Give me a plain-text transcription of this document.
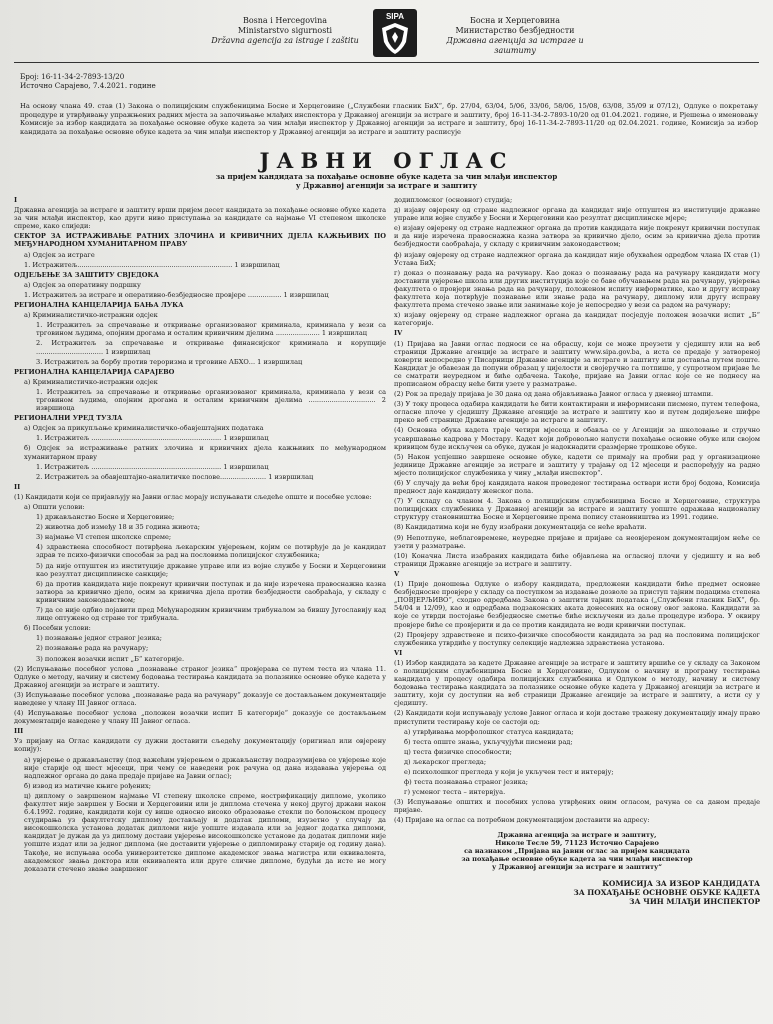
Bosna i Hercegovina
Ministarstvo sigurnosti
Državna agencija za istrage i zaštitu
SIPA	Босна и Херцеговина
Министарство безбједности
Државна агенција за истраге и заштиту
Број: 16-11-34-2-7893-13/20
Источно Сарајево, 7.4.2021. године
На основу члана 49. став (1) Закона о полицијским службеницима Босне и Херцеговине („Службени гласник БиХ“, бр. 27/04, 63/04, 5/06, 33/06, 58/06, 15/08, 63/08, 35/09 и 07/12), Одлуке о покретању процедуре и утврђивању упражњених радних мјеста за започињање млађих инспектора у Државној агенцији за истраге и заштиту, број 16-11-34-2-7893-10/20 од 01.04.2021. године, и Рјешења о именовању Комисије за избор кандидата за похађање основне обуке кадета за чин млађи инспектор у Државној агенцији за истраге и заштиту, број 16-11-34-2-7893-11/20 од 02.04.2021. године, Комисија за избор кандидата за похађање основне обуке кадета за чин млађи инспектор у Државној агенцији за истраге и заштиту расписује
ЈАВНИ ОГЛАС
за пријем кандидата за похађање основне обуке кадета за чин млађи инспектор
у Државној агенцији за истраге и заштиту

I

Државна агенција за истраге и заштиту врши пријем десет кандидата за похађање основне обуке кадета за чин млађи инспектор, као други ниво приступања за кандидате са најмање VI степеном школске спреме, како слиједи:

СЕКТОР ЗА ИСТРАЖИВАЊЕ РАТНИХ ЗЛОЧИНА И КРИВИЧНИХ ДЈЕЛА КАЖЊИВИХ ПО МЕЂУНАРОДНОМ ХУМАНИТАРНОМ ПРАВУ

а) Одсјек за истраге

1. Истражитељ.......................................................................... 1 извршилац

ОДЈЕЉЕЊЕ ЗА ЗАШТИТУ СВЈЕДОКА

а) Одсјек за оперативну подршку

1. Истражитељ за истраге и оперативно-безбједносне провјере ................ 1 извршилац

РЕГИОНАЛНА КАНЦЕЛАРИЈА БАЊА ЛУКА

а) Криминалистичко-истражни одсјек

1. Истражитељ за спречавање и откривање организованог криминала, криминала у вези са трговином људима, опојним дрогама и осталим кривичним дјелима ..................... 1 извршилац

2. Истражитељ за спречавање и откривање финансијског криминала и корупције ................................ 1 извршилац

3. Истражитељ за борбу против тероризма и трговине АБХО... 1 извршилац

РЕГИОНАЛНА КАНЦЕЛАРИЈА САРАЈЕВО

а) Криминалистичко-истражни одсјек

1. Истражитељ за спречавање и откривање организованог криминала, криминала у вези са трговином људима, опојним дрогама и осталим кривичним дјелима ................................ 2 извршиоца

РЕГИОНАЛНИ УРЕД ТУЗЛА

а) Одсјек за прикупљање криминалистичко-обавјештајних података

1. Истражитељ .............................................................. 1 извршилац

б) Одсјек за истраживање ратних злочина и кривичних дјела кажњивих по међународном хуманитарном праву

1. Истражитељ .............................................................. 1 извршилац

2. Истражитељ за обавјештајно-аналитичке послове...................... 1 извршилац

II

(1) Кандидати који се пријављују на Јавни оглас морају испуњавати сљедеће опште и посебне услове:

а) Општи услови:

1) држављанство Босне и Херцеговине;

2) животна доб између 18 и 35 година живота;

3) најмање VI степен школске спреме;

4) здравствена способност потврђена љекарским увјерењем, којим се потврђује да је кандидат здрав те психо-физички способан за рад на пословима полицијског службеника;

5) да није отпуштен из институције државне управе или из војне службе у Босни и Херцеговини као резултат дисциплинске санкције;

6) да против кандидата није покренут кривични поступак и да није изречена правоснажна казна затвора за кривично дјело, осим за кривична дјела против безбједности саобраћаја, у складу с кривичним законодавством;

7) да се није одбио појавити пред Међународним кривичним трибуналом за бившу Југославију кад лице оптужено од стране тог трибунала.

б) Посебни услови:

1) познавање једног страног језика;

2) познавање рада на рачунару;

3) положен возачки испит „Б“ категорије.

(2) Испуњавање посебног услова „познавање страног језика“ провјерава се путем теста из члана 11. Одлуке о методу, начину и систему бодовања тестирања кандидата за полазнике основне обуке кадета у Државној агенцији за истраге и заштиту.

(3) Испуњавање посебног услова „познавање рада на рачунару“ доказује се достављањем документације наведене у члану III Јавног огласа.

(4) Испуњавање посебног услова „положен возачки испит Б категорије“ доказује се достављањем документације наведене у члану III Јавног огласа.

III

Уз пријаву на Оглас кандидати су дужни доставити сљедећу документацију (оригинал или овјерену копију):

а) увјерење о држављанству (под важећим увјерењем о држављанству подразумијева се увјерење које није старије од шест мјесеци, при чему се наведени рок рачуна од дана издавања увјерења од надлежног органа до дана предаје пријаве на Јавни оглас);

б) извод из матичне књиге рођених;

ц) диплому о завршеном најмање VI степену школске спреме, нострификацију дипломе, уколико факултет није завршен у Босни и Херцеговини или је диплома стечена у некој другој држави након 6.4.1992. године, кандидати који су више односно високо образовање стекли по болоњском процесу студирања уз факултетску диплому достављају и додатак дипломи, изузетно у случају да високошколска установа додатак дипломи није уопште издавала или за једног додатка дипломи, кандидат је дужан да уз диплому достави увјерење високошколске установе да додатак дипломи није уопште издат или за једног диплома (не доставити увјерење о дипломирању старије од годину дана). Такође, не испуњава особа универзитетске дипломе академског звања магистра или еквивалента, академског звања доктора или еквивалента или друге сличне дипломе, будући да исте не могу доказати стечено звање завршеног

додипломског (основног) студија;

д) изјаву овјерену од стране надлежног органа да кандидат није отпуштен из институције државне управе или војне службе у Босни и Херцеговини као резултат дисциплинске мјере;

е) изјаву овјерену од стране надлежног органа да против кандидата није покренут кривични поступак и да није изречена правоснажна казна затвора за кривично дјело, осим за кривична дјела против безбједности саобраћаја, у складу с кривичним законодавством;

ф) изјаву овјерену од стране надлежног органа да кандидат није обухваћен одредбом члана IX став (1) Устава БиХ;

г) доказ о познавању рада на рачунару. Као доказ о познавању рада на рачунару кандидати могу доставити увјерење школа или других институција које се баве обучавањем рада на рачунару, увјерења факултета о провјери знања рада на рачунару, положеном испиту информатике, као и другу исправу факултета која потврђује познавање или знање рада на рачунару, диплому или другу исправу факултета према стечено звање или занимање које је непосредно у вези са радом на рачунару;

х) изјаву овјерену од стране надлежног органа да кандидат посједује положен возачки испит „Б“ категорије.

IV

(1) Пријава на Јавни оглас подноси се на обрасцу, који се може преузети у сједишту или на веб страници Државне агенције за истраге и заштиту www.sipa.gov.ba, а иста се предаје у затвореној коверти непосредно у Писарници Државне агенције за истраге и заштиту или доставља путем поште. Кандидат је обавезан да попуни образац у цијелости и својеручно га потпише, у супротном пријаве ће се сматрати неуредном и биће одбачена. Такође, пријаве на Јавни оглас које се не поднесу на прописаном обрасцу неће бити узете у разматрање.

(2) Рок за предају пријава је 30 дана од дана објављивања Јавног огласа у дневној штампи.

(3) У току процеса одабира кандидати ће бити контактирани и информисани писмено, путем телефона, огласне плоче у сједишту Државне агенције за истраге и заштиту као и путем додијељене шифре преко веб странице Државне агенције за истраге и заштиту.

(4) Основна обука кадета траје четири мјесеца и обавља се у Агенцији за школовање и стручно усавршавање кадрова у Мостару. Кадет који добровољно напусти похађање основне обуке или својом кривицом буде искључен са обуке, дужан је надокнадити сразмјерне трошкове обуке.

(5) Након успјешно завршене основне обуке, кадети се примају на пробни рад у организационе јединице Државне агенције за истраге и заштиту у трајању од 12 мјесеци и распоређују на радно мјесто полицијског службеника у чину „млађи инспектор“.

(6) У случају да већи број кандидата након проведеног тестирања оствари исти број бодова, Комисија предност даје кандидату женског пола.

(7) У складу са чланом 4. Закона о полицијским службеницима Босне и Херцеговине, структура полицијских службеника у Државној агенцији за истраге и заштиту уопште одражава националну структуру становништва Босне и Херцеговине према попису становништва из 1991. године.

(8) Кандидатима који не буду изабрани документација се неће враћати.

(9) Непотпуне, неблаговремене, неуредне пријаве и пријаве са неовјереном документацијом неће се узети у разматрање.

(10) Коначна Листа изабраних кандидата биће објављена на огласној плочи у сједишту и на веб страници Државне агенције за истраге и заштиту.

V

(1) Прије доношења Одлуке о избору кандидата, предложени кандидати биће предмет основне безбједносне провјере у складу са поступком за издавање дозволе за приступ тајним подацима степена „ПОВЈЕРЉИВО“, сходно одредбама Закона о заштити тајних података („Службени гласник БиХ“, бр. 54/04 и 12/09), као и одредбама подзаконских аката донесених на основу овог закона. Кандидати за које се утврди постојање безбједносне сметње биће искључени из даље процедуре избора. У оквиру провјере биће се провјерити и да се против кандидата не води кривични поступак.

(2) Провјеру здравствене и психо-физичке способности кандидата за рад на пословима полицијског службеника утврдиће у поступку селекције надлежна здравствена установа.

VI

(1) Избор кандидата за кадете Државне агенције за истраге и заштиту вршиће се у складу са Законом о полицијским службеницима Босне и Херцеговине, Одлуком о начину и програму тестирања кандидата у процесу одабира полицијских службеника и Одлуком о методу, начину и систему бодовања тестирања кандидата за полазнике основне обуке кадета у Државној агенцији за истраге и заштиту, који су доступни на веб страници Државне агенције за истраге и заштиту, а исти су у сједишту.

(2) Кандидати који испуњавају услове Јавног огласа и који доставе тражену документацију имају право приступити тестирању које се састоји од:

а) утврђивања морфолошког статуса кандидата;

б) теста опште знања, укључујући писмени рад;

ц) теста физичке способности;

д) љекарског прегледа;

е) психолошког прегледа у који је укључен тест и интервју;

ф) теста познавања страног језика;

г) усменог теста – интервјуа.

(3) Испуњавање општих и посебних услова утврђених овим огласом, рачуна се са даном предаје пријаве.

(4) Пријаве на оглас са потребном документацијом доставити на адресу:

Државна агенција за истраге и заштиту,
Николе Тесле 59, 71123 Источно Сарајево
са назнаком „Пријава на јавни оглас за пријем кандидата
за похађање основне обуке кадета за чин млађи инспектор
у Државној агенцији за истраге и заштиту“
КОМИСИЈА ЗА ИЗБОР КАНДИДАТА
ЗА ПОХАЂАЊЕ ОСНОВНЕ ОБУКЕ КАДЕТА
ЗА ЧИН МЛАЂИ ИНСПЕКТОР
